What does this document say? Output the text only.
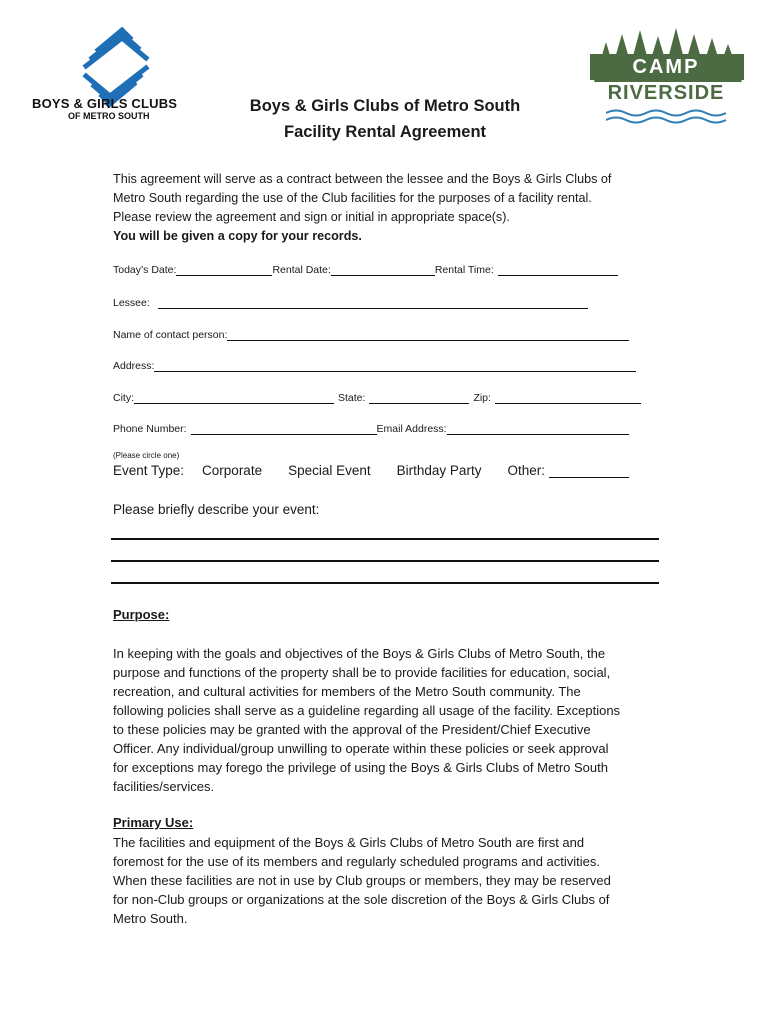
BOYS & GIRLS CLUBS
OF METRO SOUTH
CAMP
RIVERSIDE
Boys & Girls Clubs of Metro South
Facility Rental Agreement

This agreement will serve as a contract between the lessee and the Boys & Girls Clubs of

Metro South regarding the use of the Club facilities for the purposes of a facility rental.

Please review the agreement and sign or initial in appropriate space(s).

You will be given a copy for your records.

Today’s Date:	Rental Date:	Rental Time:
Lessee:
Name of contact person:
Address:
City:	State:	Zip:
Phone Number:	Email Address:
(Please circle one)
Event Type: Corporate Special Event Birthday Party Other:
Please briefly describe your event:
Purpose:
In keeping with the goals and objectives of the Boys & Girls Clubs of Metro South, the
purpose and functions of the property shall be to provide facilities for education, social,
recreation, and cultural activities for members of the Metro South community. The
following policies shall serve as a guideline regarding all usage of the facility. Exceptions
to these policies may be granted with the approval of the President/Chief Executive
Officer. Any individual/group unwilling to operate within these policies or seek approval
for exceptions may forego the privilege of using the Boys & Girls Clubs of Metro South
facilities/services.
Primary Use:
The facilities and equipment of the Boys & Girls Clubs of Metro South are first and
foremost for the use of its members and regularly scheduled programs and activities.
When these facilities are not in use by Club groups or members, they may be reserved
for non-Club groups or organizations at the sole discretion of the Boys & Girls Clubs of
Metro South.
